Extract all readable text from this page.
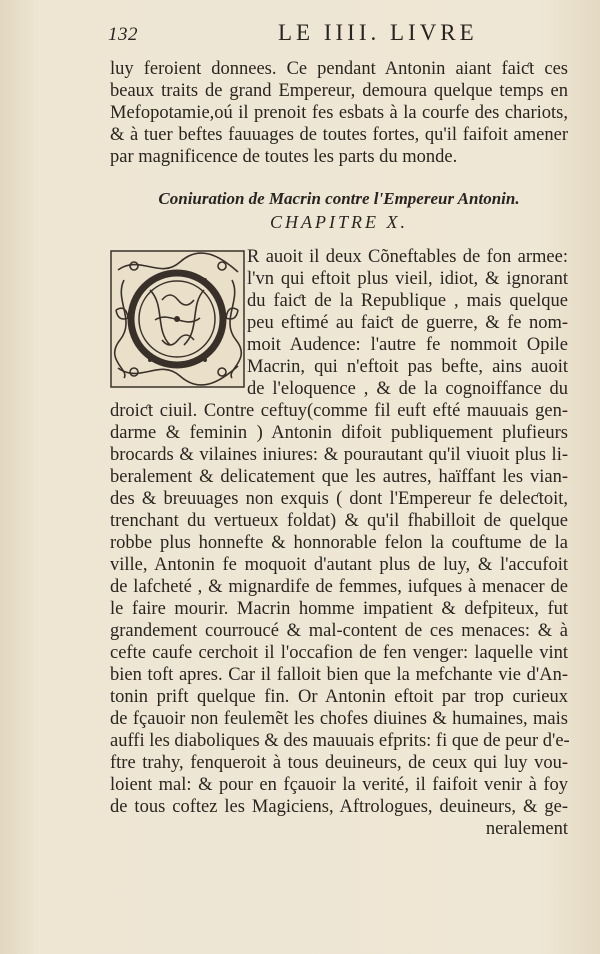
132	LE IIII. LIVRE
luy feroient donnees. Ce pendant Antonin aiant faiƈt ces
beaux traits de grand Empereur, demoura quelque temps en
Mefopotamie,oú il prenoit fes esbats à la courfe des chariots,
& à tuer beftes fauuages de toutes fortes, qu'il faifoit amener
par magnificence de toutes les parts du monde.
Coniuration de Macrin contre l'Empereur Antonin.
CHAPITRE X.
R auoit il deux Cõneftables de fon armee:
l'vn qui eftoit plus vieil, idiot, & ignorant
du faiƈt de la Republique , mais quelque
peu eftimé au faiƈt de guerre, & fe nom-
moit Audence: l'autre fe nommoit Opile
Macrin, qui n'eftoit pas befte, ains auoit
de l'eloquence , & de la cognoiffance du
droiƈt ciuil. Contre ceftuy(comme fil euft efté mauuais gen-
darme & feminin ) Antonin difoit publiquement plufieurs
brocards & vilaines iniures: & pourautant qu'il viuoit plus li-
beralement & delicatement que les autres, haïffant les vian-
des & breuuages non exquis ( dont l'Empereur fe deleƈtoit,
trenchant du vertueux foldat) & qu'il fhabilloit de quelque
robbe plus honnefte & honnorable felon la couftume de la
ville, Antonin fe moquoit d'autant plus de luy, & l'accufoit
de lafcheté , & mignardife de femmes, iufques à menacer de
le faire mourir. Macrin homme impatient & defpiteux, fut
grandement courroucé & mal-content de ces menaces: & à
cefte caufe cerchoit il l'occafion de fen venger: laquelle vint
bien toft apres. Car il falloit bien que la mefchante vie d'An-
tonin prift quelque fin. Or Antonin eftoit par trop curieux
de fçauoir non feulemẽt les chofes diuines & humaines, mais
auffi les diaboliques & des mauuais efprits: fi que de peur d'e-
ftre trahy, fenqueroit à tous deuineurs, de ceux qui luy vou-
loient mal: & pour en fçauoir la verité, il faifoit venir à foy
de tous coftez les Magiciens, Aftrologues, deuineurs, & ge-
neralement
